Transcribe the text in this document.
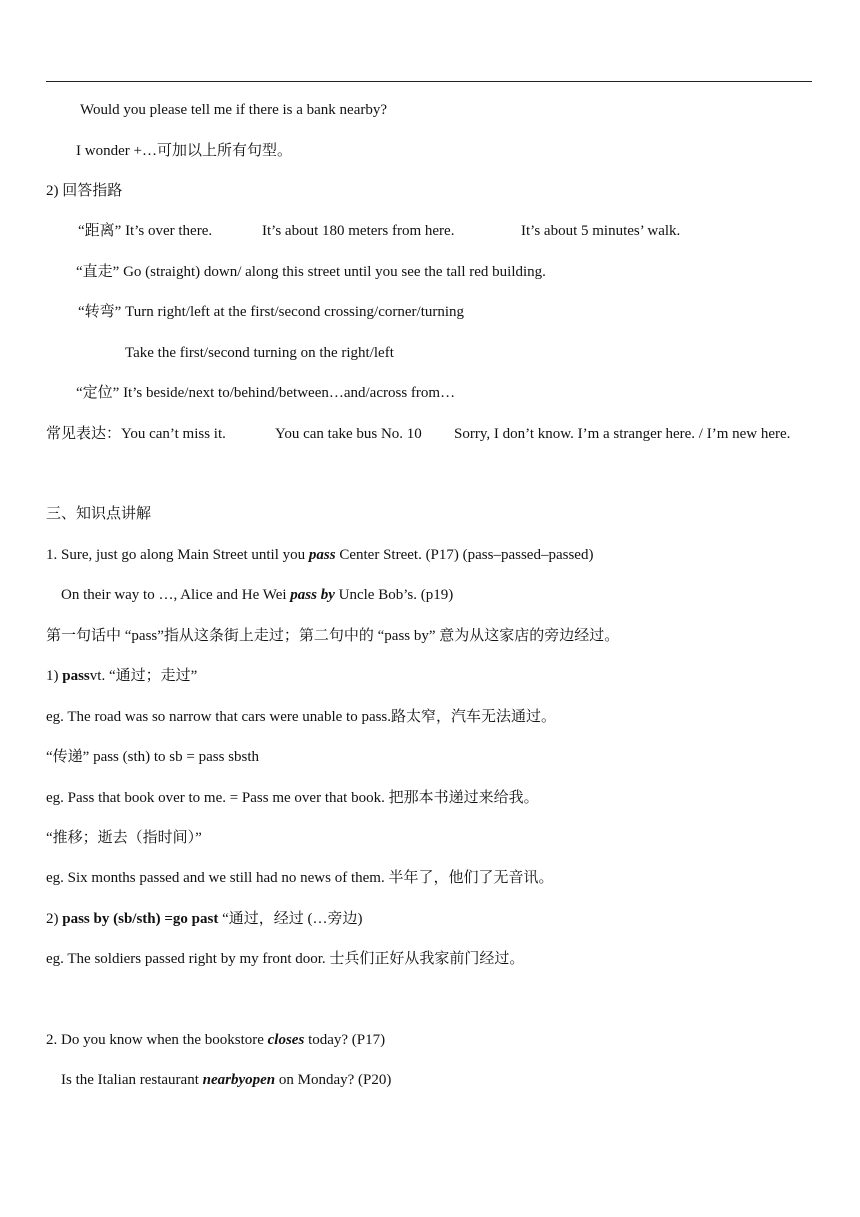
Would you please tell me if there is a bank nearby?
I wonder +…可加以上所有句型。
2) 回答指路
“距离” It’s over there.	It’s about 180 meters from here.	It’s about 5 minutes’ walk.
“直走” Go (straight) down/ along this street until you see the tall red building.
“转弯” Turn right/left at the first/second crossing/corner/turning
Take the first/second turning on the right/left
“定位” It’s beside/next to/behind/between…and/across from…
常见表达：You can’t miss it.	You can take bus No. 10 Sorry, I don’t know. I’m a stranger here. / I’m new here.
三、知识点讲解
1. Sure, just go along Main Street until you pass Center Street. (P17) (pass–passed–passed)
On their way to …, Alice and He Wei pass by Uncle Bob’s. (p19)
第一句话中 “pass”指从这条街上走过；第二句中的 “pass by” 意为从这家店的旁边经过。
1) passvt. “通过；走过”
eg. The road was so narrow that cars were unable to pass.路太窄，汽车无法通过。
“传递” pass (sth) to sb = pass sbsth
eg. Pass that book over to me. = Pass me over that book. 把那本书递过来给我。
“推移；逝去（指时间）”
eg. Six months passed and we still had no news of them. 半年了，他们了无音讯。
2) pass by (sb/sth) =go past “通过，经过 (…旁边)
eg. The soldiers passed right by my front door. 士兵们正好从我家前门经过。
2. Do you know when the bookstore closes today? (P17)
Is the Italian restaurant nearbyopen on Monday? (P20)
